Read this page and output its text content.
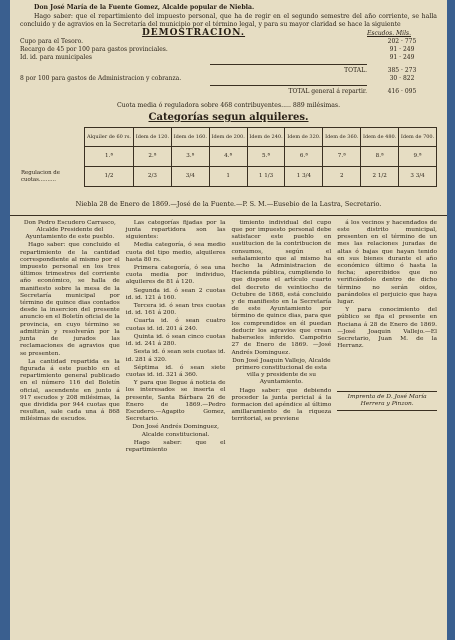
Don José María de la Fuente Gomez, Alcalde popular de Niebla.

Hago saber: que el repartimiento del impuesto personal, que ha de regir en el segundo semestre del año corriente, se halla concluido y de agravios en la Secretaría del municipio por el término legal, y para su mayor claridad se hace la siguiente

DEMOSTRACION.	Escudos. Mils.
Cupo para el Tesoro.	202 · 775
Recargo de 45 por 100 para gastos provinciales.	91 · 249
Id. id. para municipales	91 · 249
TOTAL.	385 · 273
8 por 100 para gastos de Administracion y cobranza.	30 · 822
TOTAL general á repartir.	416 · 095

Cuota media ó reguladora sobre 468 contribuyentes..... 889 milésimas.

Categorías segun alquileres.
	Alquiler de 60 rs.	Idem de 120.	Idem de 160.	Idem de 200.	Idem de 240.	Idem de 320.	Idem de 360.	Idem de 480.	Idem de 700.
	1.ª	2.ª	3.ª	4.ª	5.ª	6.ª	7.ª	8.ª	9.ª
Regulacion de cuotas..........	1/2	2/3	3/4	1	1 1/3	1 3/4	2	2 1/2	3 3/4
Niebla 28 de Enero de 1869.—José de la Fuente.—P. S. M.—Eusebio de la Lastra, Secretario.

Don Pedro Escudero Carrasco, Alcalde Presidente del Ayuntamiento de este pueblo.

Hago saber: que concluido el repartimiento de la cantidad correspondiente al mismo por el impuesto personal en los tres últimos trimestres del corriente año económico, se halla de manifiesto sobre la mesa de la Secretaría municipal por término de quince dias contados desde la insercion del presente anuncio en el Boletín oficial de la provincia, en cuyo término se admitirán y resolverán por la junta de jurados las reclamaciones de agravios que se presenten.

La cantidad repartida es la figurada á este pueblo en el repartimiento general publicado en el número 116 del Boletín oficial, ascendente en junto á 917 escudos y 208 milésimas, la que dividida por 944 cuotas que resultan, sale cada una á 868 milésimas de escudos.

Las categorías fijadas por la junta repartidora son las siguientes:

Media categoría, ó sea medio cuota del tipo medio, alquileres hasta 80 rs.

Primera categoría, ó sea una cuota media por individuo, alquileres de 81 á 120.

Segunda id. ó sean 2 cuotas id. id. 121 á 160.

Tercera id. ó sean tres cuotas id. id. 161 á 200.

Cuarta id. ó sean cuatro cuotas id. id. 201 á 240.

Quinta id. ó sean cinco cuotas id. id. 241 á 280.

Sesta id. ó sean seis cuotas id. id. 281 á 320.

Séptima id. ó sean siete cuotas id. id. 321 á 360.

Y para que llegue á noticia de los interesados se inserta el presente, Santa Bárbara 26 de Enero de 1869.—Pedro Escudero.—Agapito Gomez, Secretario.

Don José Andrés Dominguez, Alcalde constitucional.

Hago saber: que el repartimiento

timiento individual del cupo que por impuesto personal debe satisfacer este pueblo en sustitucion de la contribucion de consumos, según el señalamiento que al mismo ha hecho la Administracion de Hacienda pública, cumpliendo lo que dispone el artículo cuarto del decreto de veintiocho de Octubre de 1868, está concluido y de manifiesto en la Secretaría de este Ayuntamiento por término de quince dias, para que los comprendidos en él puedan deducir los agravios que crean haberseles inferido. Campofrio 27 de Enero de 1869. —José Andrés Dominguez.

Don José Joaquin Vallejo, Alcalde primero constitucional de esta villa y presidente de su Ayuntamiento.

Hago saber: que debiendo proceder la junta pericial á la formacion del apéndice al último amillaramiento de la riqueza territorial, se previene

á los vecinos y hacendados de este distrito municipal, presenten en el término de un mes las relaciones juradas de altas ó bajas que hayan tenido en sus bienes durante el año económico último ó hasta la fecha; apercibidos que no verificándolo dentro de dicho término no serán oidos, parándoles el perjuicio que haya lugar.

Y para conocimiento del público se fija el presente en Rociana á 28 de Enero de 1869.—José Joaquin Vallejo.—El Secretario, Juan M. de la Herranz.

Imprenta de D. José María Herrera y Pinzon.
